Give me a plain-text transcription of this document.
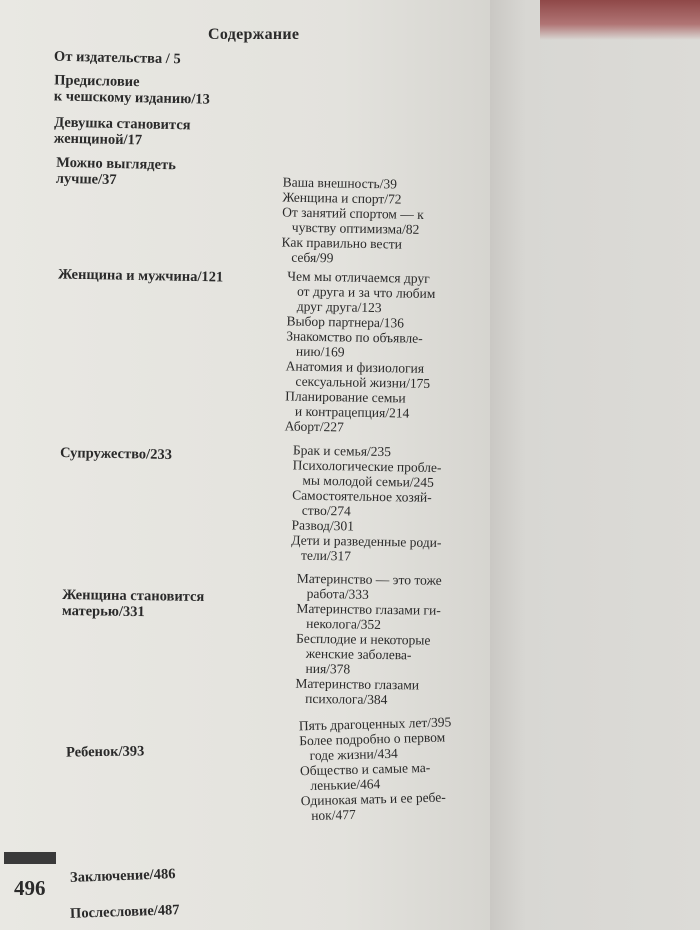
Содержание
От издательства / 5
Предисловие
к чешскому изданию/13
Девушка становится
женщиной/17
Можно выглядеть
лучше/37	Ваша внешность/39
Женщина и спорт/72
От занятий спортом — к
чувству оптимизма/82
Как правильно вести
себя/99
Женщина и мужчина/121	Чем мы отличаемся друг
от друга и за что любим
друг друга/123
Выбор партнера/136
Знакомство по объявле-
нию/169
Анатомия и физиология
сексуальной жизни/175
Планирование семьи
и контрацепция/214
Аборт/227
Супружество/233	Брак и семья/235
Психологические пробле-
мы молодой семьи/245
Самостоятельное хозяй-
ство/274
Развод/301
Дети и разведенные роди-
тели/317
Женщина становится
матерью/331
Материнство — это тоже
работа/333
Материнство глазами ги-
неколога/352
Бесплодие и некоторые
женские заболева-
ния/378
Материнство глазами
психолога/384
Ребенок/393
Пять драгоценных лет/395
Более подробно о первом
годе жизни/434
Общество и самые ма-
ленькие/464
Одинокая мать и ее ребе-
нок/477
496 Заключение/486
Послесловие/487
